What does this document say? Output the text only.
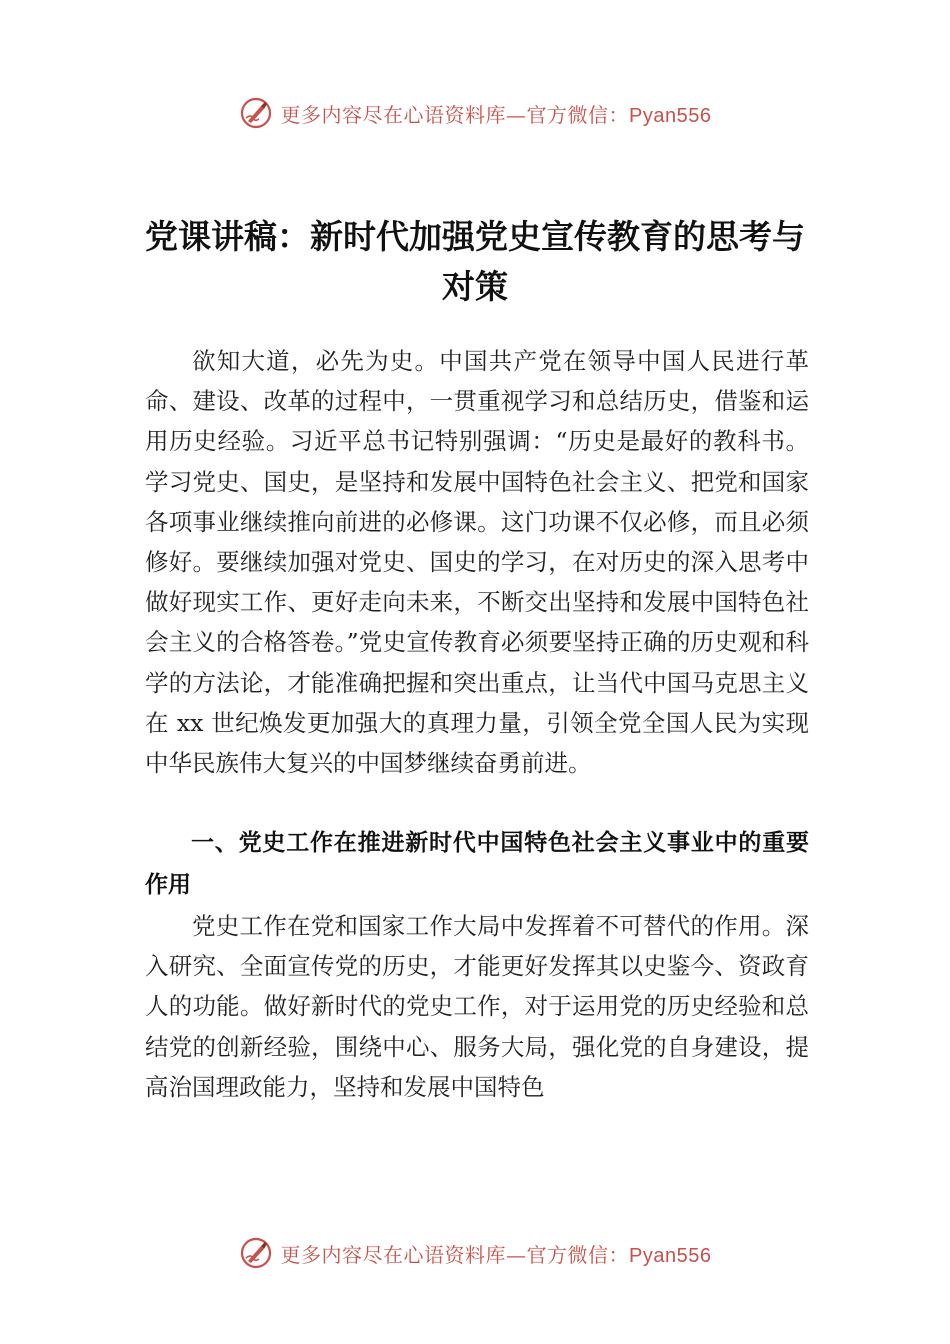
更多内容尽在心语资料库—官方微信：Pyan556
党课讲稿：新时代加强党史宣传教育的思考与对策

欲知大道，必先为史。中国共产党在领导中国人民进行革命、建设、改革的过程中，一贯重视学习和总结历史，借鉴和运用历史经验。习近平总书记特别强调：“历史是最好的教科书。学习党史、国史，是坚持和发展中国特色社会主义、把党和国家各项事业继续推向前进的必修课。这门功课不仅必修，而且必须修好。要继续加强对党史、国史的学习，在对历史的深入思考中做好现实工作、更好走向未来，不断交出坚持和发展中国特色社会主义的合格答卷。”党史宣传教育必须要坚持正确的历史观和科学的方法论，才能准确把握和突出重点，让当代中国马克思主义在 xx 世纪焕发更加强大的真理力量，引领全党全国人民为实现中华民族伟大复兴的中国梦继续奋勇前进。

一、党史工作在推进新时代中国特色社会主义事业中的重要作用

党史工作在党和国家工作大局中发挥着不可替代的作用。深入研究、全面宣传党的历史，才能更好发挥其以史鉴今、资政育人的功能。做好新时代的党史工作，对于运用党的历史经验和总结党的创新经验，围绕中心、服务大局，强化党的自身建设，提高治国理政能力，坚持和发展中国特色

更多内容尽在心语资料库—官方微信：Pyan556
